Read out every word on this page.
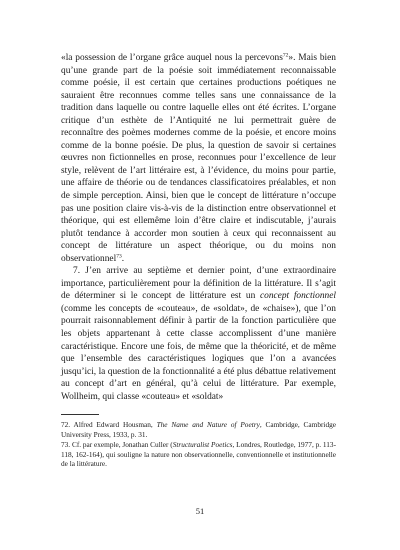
«la possession de l’organe grâce auquel nous la percevons$^{72}$». Mais bien qu’une grande part de la poésie soit immédiatement reconnaissable comme poésie, il est certain que certaines productions poétiques ne sauraient être reconnues comme telles sans une connaissance de la tradition dans laquelle ou contre laquelle elles ont été écrites. L’organe critique d’un esthète de l’Antiquité ne lui permettrait guère de reconnaître des poèmes modernes comme de la poésie, et encore moins comme de la bonne poésie. De plus, la question de savoir si certaines œuvres non fictionnelles en prose, reconnues pour l’excellence de leur style, relèvent de l’art littéraire est, à l’évidence, du moins pour partie, une affaire de théorie ou de tendances classificatoires préalables, et non de simple perception. Ainsi, bien que le concept de littérature n’occupe pas une position claire vis-à-vis de la distinction entre observationnel et théorique, qui est ellemême loin d’être claire et indiscutable, j’aurais plutôt tendance à accorder mon soutien à ceux qui reconnaissent au concept de littérature un aspect théorique, ou du moins non observationnel$^{73}$.

7. J’en arrive au septième et dernier point, d’une extraordinaire importance, particulièrement pour la définition de la littérature. Il s’agit de déterminer si le concept de littérature est un concept fonctionnel (comme les concepts de «couteau», de «soldat», de «chaise»), que l’on pourrait raisonnablement définir à partir de la fonction particulière que les objets appartenant à cette classe accomplissent d’une manière caractéristique. Encore une fois, de même que la théoricité, et de même que l’ensemble des caractéristiques logiques que l’on a avancées jusqu’ici, la question de la fonctionnalité a été plus débattue relativement au concept d’art en général, qu’à celui de littérature. Par exemple, Wollheim, qui classe «couteau» et «soldat»

72. Alfred Edward Housman, The Name and Nature of Poetry, Cambridge, Cambridge University Press, 1933, p. 31.

73. Cf. par exemple, Jonathan Culler (Structuralist Poetics, Londres, Routledge, 1977, p. 113-118, 162-164), qui souligne la nature non observationnelle, conventionnelle et institutionnelle de la littérature.

51
